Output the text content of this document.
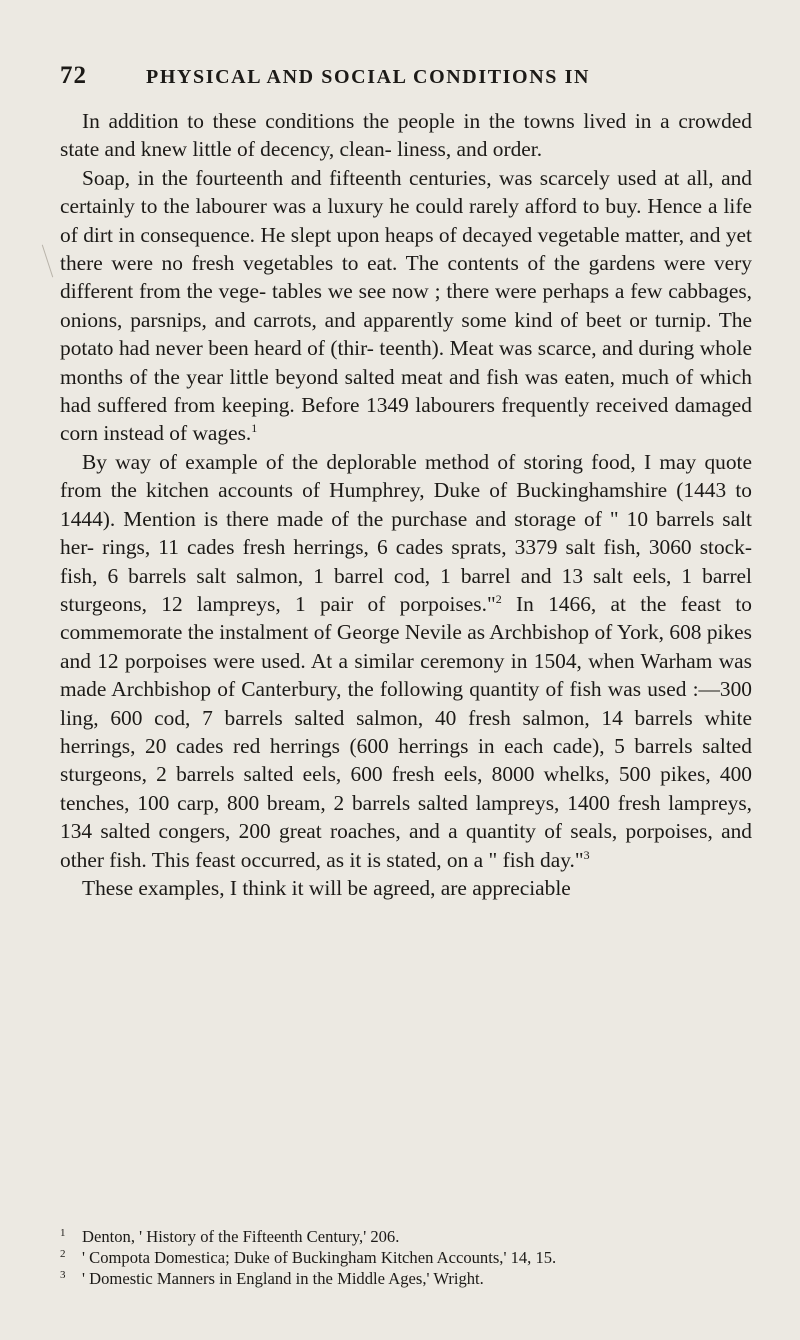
72	PHYSICAL AND SOCIAL CONDITIONS IN

In addition to these conditions the people in the towns lived in a crowded state and knew little of decency, clean- liness, and order.

Soap, in the fourteenth and fifteenth centuries, was scarcely used at all, and certainly to the labourer was a luxury he could rarely afford to buy. Hence a life of dirt in consequence. He slept upon heaps of decayed vegetable matter, and yet there were no fresh vegetables to eat. The contents of the gardens were very different from the vege- tables we see now ; there were perhaps a few cabbages, onions, parsnips, and carrots, and apparently some kind of beet or turnip. The potato had never been heard of (thir- teenth). Meat was scarce, and during whole months of the year little beyond salted meat and fish was eaten, much of which had suffered from keeping. Before 1349 labourers frequently received damaged corn instead of wages.$^1$

By way of example of the deplorable method of storing food, I may quote from the kitchen accounts of Humphrey, Duke of Buckinghamshire (1443 to 1444). Mention is there made of the purchase and storage of " 10 barrels salt her- rings, 11 cades fresh herrings, 6 cades sprats, 3379 salt fish, 3060 stock-fish, 6 barrels salt salmon, 1 barrel cod, 1 barrel and 13 salt eels, 1 barrel sturgeons, 12 lampreys, 1 pair of porpoises."$^2$ In 1466, at the feast to commemorate the instalment of George Nevile as Archbishop of York, 608 pikes and 12 porpoises were used. At a similar ceremony in 1504, when Warham was made Archbishop of Canterbury, the following quantity of fish was used :—300 ling, 600 cod, 7 barrels salted salmon, 40 fresh salmon, 14 barrels white herrings, 20 cades red herrings (600 herrings in each cade), 5 barrels salted sturgeons, 2 barrels salted eels, 600 fresh eels, 8000 whelks, 500 pikes, 400 tenches, 100 carp, 800 bream, 2 barrels salted lampreys, 1400 fresh lampreys, 134 salted congers, 200 great roaches, and a quantity of seals, porpoises, and other fish. This feast occurred, as it is stated, on a " fish day."$^3$

These examples, I think it will be agreed, are appreciable

1 Denton, ' History of the Fifteenth Century,' 206.

2 ' Compota Domestica; Duke of Buckingham Kitchen Accounts,' 14, 15.

3 ' Domestic Manners in England in the Middle Ages,' Wright.
